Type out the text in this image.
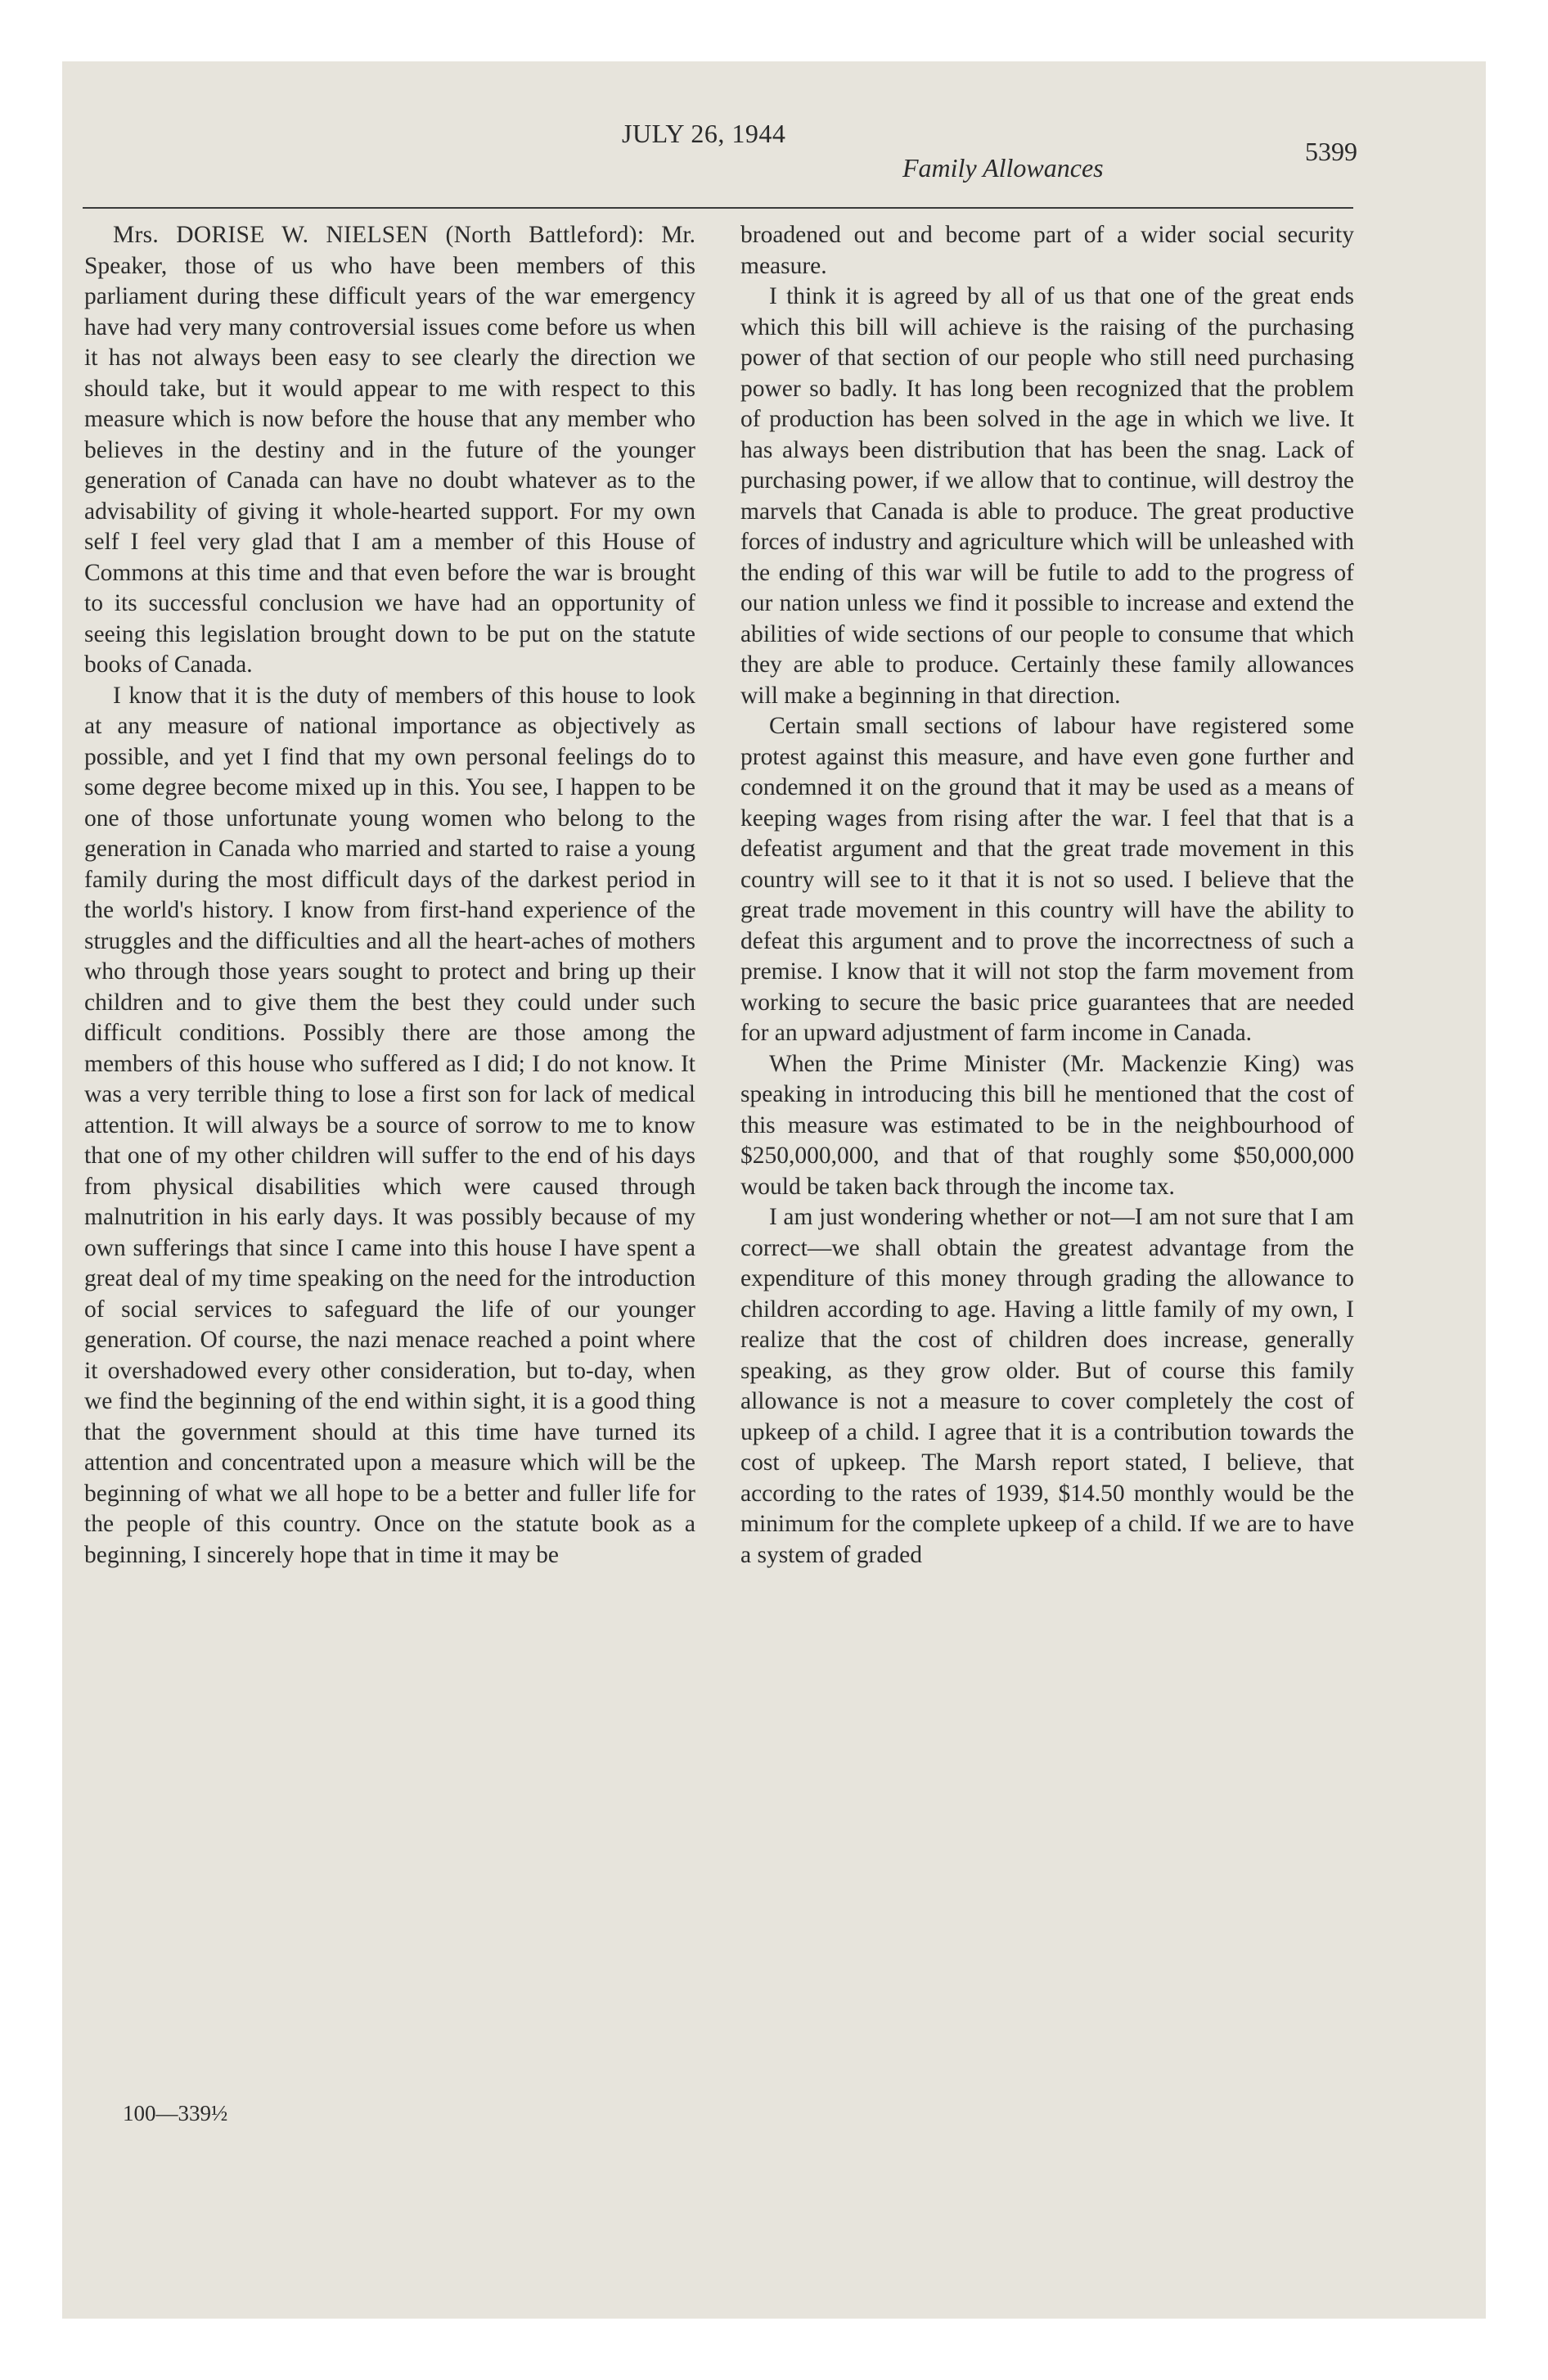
JULY 26, 1944
5399
Family Allowances

Mrs. DORISE W. NIELSEN (North Battleford): Mr. Speaker, those of us who have been members of this parliament during these difficult years of the war emergency have had very many controversial issues come before us when it has not always been easy to see clearly the direction we should take, but it would appear to me with respect to this measure which is now before the house that any member who believes in the destiny and in the future of the younger generation of Canada can have no doubt whatever as to the advisability of giving it whole-hearted support. For my own self I feel very glad that I am a member of this House of Commons at this time and that even before the war is brought to its successful conclusion we have had an opportunity of seeing this legislation brought down to be put on the statute books of Canada.

I know that it is the duty of members of this house to look at any measure of national importance as objectively as possible, and yet I find that my own personal feelings do to some degree become mixed up in this. You see, I happen to be one of those unfortunate young women who belong to the generation in Canada who married and started to raise a young family during the most difficult days of the darkest period in the world's history. I know from first-hand experience of the struggles and the difficulties and all the heart-aches of mothers who through those years sought to protect and bring up their children and to give them the best they could under such difficult conditions. Possibly there are those among the members of this house who suffered as I did; I do not know. It was a very terrible thing to lose a first son for lack of medical attention. It will always be a source of sorrow to me to know that one of my other children will suffer to the end of his days from physical disabilities which were caused through malnutrition in his early days. It was possibly because of my own sufferings that since I came into this house I have spent a great deal of my time speaking on the need for the introduction of social services to safeguard the life of our younger generation. Of course, the nazi menace reached a point where it overshadowed every other consideration, but to-day, when we find the beginning of the end within sight, it is a good thing that the government should at this time have turned its attention and concentrated upon a measure which will be the beginning of what we all hope to be a better and fuller life for the people of this country. Once on the statute book as a beginning, I sincerely hope that in time it may be

100—339½

broadened out and become part of a wider social security measure.

I think it is agreed by all of us that one of the great ends which this bill will achieve is the raising of the purchasing power of that section of our people who still need purchasing power so badly. It has long been recognized that the problem of production has been solved in the age in which we live. It has always been distribution that has been the snag. Lack of purchasing power, if we allow that to continue, will destroy the marvels that Canada is able to produce. The great productive forces of industry and agriculture which will be unleashed with the ending of this war will be futile to add to the progress of our nation unless we find it possible to increase and extend the abilities of wide sections of our people to consume that which they are able to produce. Certainly these family allowances will make a beginning in that direction.

Certain small sections of labour have registered some protest against this measure, and have even gone further and condemned it on the ground that it may be used as a means of keeping wages from rising after the war. I feel that that is a defeatist argument and that the great trade movement in this country will see to it that it is not so used. I believe that the great trade movement in this country will have the ability to defeat this argument and to prove the incorrectness of such a premise. I know that it will not stop the farm movement from working to secure the basic price guarantees that are needed for an upward adjustment of farm income in Canada.

When the Prime Minister (Mr. Mackenzie King) was speaking in introducing this bill he mentioned that the cost of this measure was estimated to be in the neighbourhood of $250,000,000, and that of that roughly some $50,000,000 would be taken back through the income tax.

I am just wondering whether or not—I am not sure that I am correct—we shall obtain the greatest advantage from the expenditure of this money through grading the allowance to children according to age. Having a little family of my own, I realize that the cost of children does increase, generally speaking, as they grow older. But of course this family allowance is not a measure to cover completely the cost of upkeep of a child. I agree that it is a contribution towards the cost of upkeep. The Marsh report stated, I believe, that according to the rates of 1939, $14.50 monthly would be the minimum for the complete upkeep of a child. If we are to have a system of graded
